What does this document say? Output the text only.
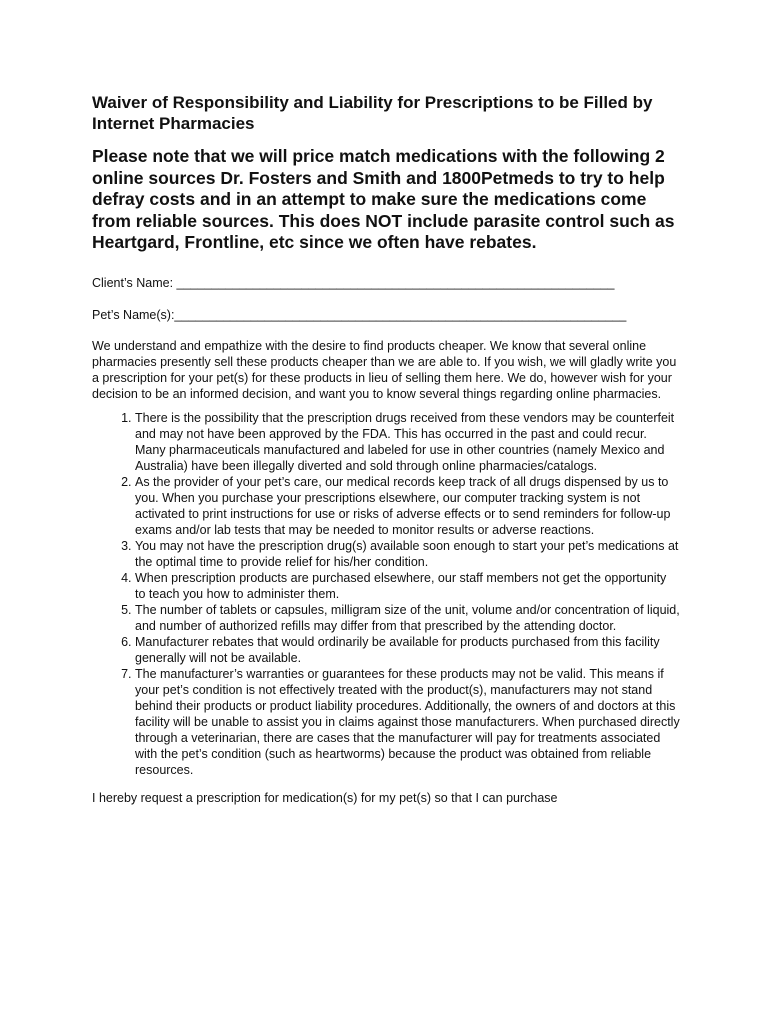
Waiver of Responsibility and Liability for Prescriptions to be Filled by Internet Pharmacies

Please note that we will price match medications with the following 2 online sources Dr. Fosters and Smith and 1800Petmeds to try to help defray costs and in an attempt to make sure the medications come from reliable sources. This does NOT include parasite control such as Heartgard, Frontline, etc since we often have rebates.

Client’s Name: _______________________________________________________________

Pet’s Name(s):_________________________________________________________________

We understand and empathize with the desire to find products cheaper. We know that several online pharmacies presently sell these products cheaper than we are able to. If you wish, we will gladly write you a prescription for your pet(s) for these products in lieu of selling them here. We do, however wish for your decision to be an informed decision, and want you to know several things regarding online pharmacies.

1. There is the possibility that the prescription drugs received from these vendors may be counterfeit and may not have been approved by the FDA. This has occurred in the past and could recur. Many pharmaceuticals manufactured and labeled for use in other countries (namely Mexico and Australia) have been illegally diverted and sold through online pharmacies/catalogs.
2. As the provider of your pet’s care, our medical records keep track of all drugs dispensed by us to you. When you purchase your prescriptions elsewhere, our computer tracking system is not activated to print instructions for use or risks of adverse effects or to send reminders for follow-up exams and/or lab tests that may be needed to monitor results or adverse reactions.
3. You may not have the prescription drug(s) available soon enough to start your pet’s medications at the optimal time to provide relief for his/her condition.
4. When prescription products are purchased elsewhere, our staff members not get the opportunity to teach you how to administer them.
5. The number of tablets or capsules, milligram size of the unit, volume and/or concentration of liquid, and number of authorized refills may differ from that prescribed by the attending doctor.
6. Manufacturer rebates that would ordinarily be available for products purchased from this facility generally will not be available.
7. The manufacturer’s warranties or guarantees for these products may not be valid. This means if your pet’s condition is not effectively treated with the product(s), manufacturers may not stand behind their products or product liability procedures. Additionally, the owners of and doctors at this facility will be unable to assist you in claims against those manufacturers. When purchased directly through a veterinarian, there are cases that the manufacturer will pay for treatments associated with the pet’s condition (such as heartworms) because the product was obtained from reliable resources.

I hereby request a prescription for medication(s) for my pet(s) so that I can purchase
